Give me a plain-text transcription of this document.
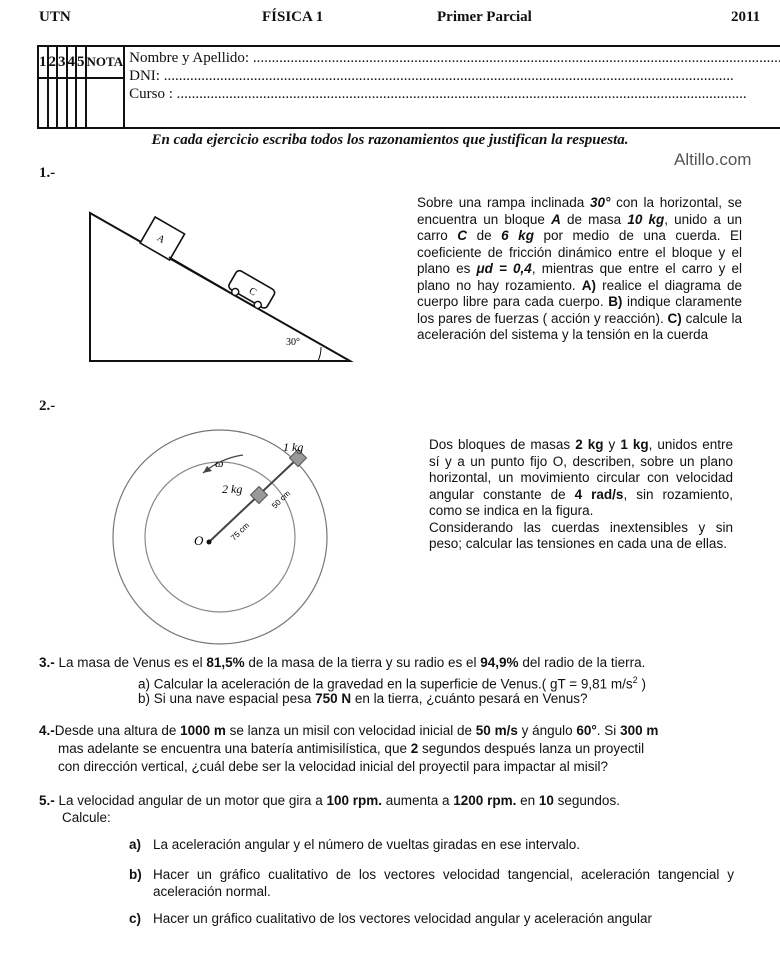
UTN	FÍSICA 1	Primer Parcial	2011
1	2	3	4	5	NOTA	Nombre y Apellido: .....
DNI: .....
Curso : .....

En cada ejercicio escriba todos los razonamientos que justifican la respuesta.
Altillo.com
1.-
A
C
30°
Sobre una rampa inclinada 30° con la horizontal, se encuentra un bloque A de masa 10 kg, unido a un carro C de 6 kg por medio de una cuerda. El coeficiente de fricción dinámico entre el bloque y el plano es μd = 0,4, mientras que entre el carro y el plano no hay rozamiento. A) realice el diagrama de cuerpo libre para cada cuerpo. B) indique claramente los pares de fuerzas ( acción y reacción). C) calcule la aceleración del sistema y la tensión en la cuerda
2.-
ω
1 kg
2 kg
O	75 cm
50 cm
Dos bloques de masas 2 kg y 1 kg, unidos entre sí y a un punto fijo O, describen, sobre un plano horizontal, un movimiento circular con velocidad angular constante de 4 rad/s, sin rozamiento, como se indica en la figura.
Considerando las cuerdas inextensibles y sin peso; calcular las tensiones en cada una de ellas.
3.- La masa de Venus es el 81,5% de la masa de la tierra y su radio es el 94,9% del radio de la tierra.
a) Calcular la aceleración de la gravedad en la superficie de Venus.( gT = 9,81 $m/s^2$ )
b) Si una nave espacial pesa 750 N en la tierra, ¿cuánto pesará en Venus?
4.-Desde una altura de 1000 m se lanza un misil con velocidad inicial de 50 m/s y ángulo 60°. Si 300 m
mas adelante se encuentra una batería antimisilística, que 2 segundos después lanza un proyectil
con dirección vertical, ¿cuál debe ser la velocidad inicial del proyectil para impactar al misil?
5.- La velocidad angular de un motor que gira a 100 rpm. aumenta a 1200 rpm. en 10 segundos.
Calcule:
a) La aceleración angular y el número de vueltas giradas en ese intervalo.
b) Hacer un gráfico cualitativo de los vectores velocidad tangencial, aceleración tangencial y aceleración normal.
c) Hacer un gráfico cualitativo de los vectores velocidad angular y aceleración angular
